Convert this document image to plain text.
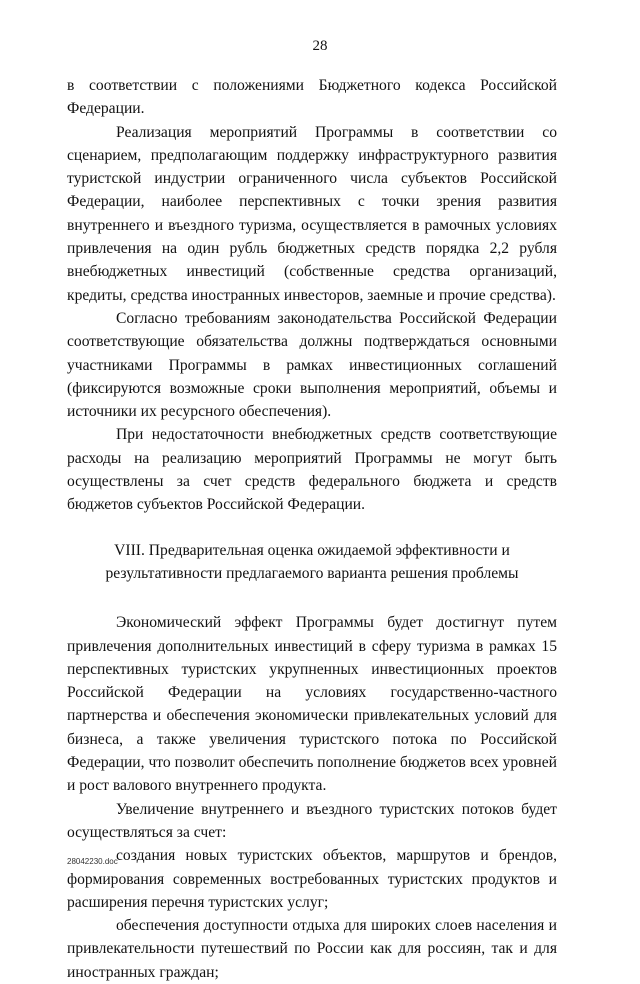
28

в соответствии с положениями Бюджетного кодекса Российской Федерации.

Реализация мероприятий Программы в соответствии со сценарием, предполагающим поддержку инфраструктурного развития туристской индустрии ограниченного числа субъектов Российской Федерации, наиболее перспективных с точки зрения развития внутреннего и въездного туризма, осуществляется в рамочных условиях привлечения на один рубль бюджетных средств порядка 2,2 рубля внебюджетных инвестиций (собственные средства организаций, кредиты, средства иностранных инвесторов, заемные и прочие средства).

Согласно требованиям законодательства Российской Федерации соответствующие обязательства должны подтверждаться основными участниками Программы в рамках инвестиционных соглашений (фиксируются возможные сроки выполнения мероприятий, объемы и источники их ресурсного обеспечения).

При недостаточности внебюджетных средств соответствующие расходы на реализацию мероприятий Программы не могут быть осуществлены за счет средств федерального бюджета и средств бюджетов субъектов Российской Федерации.

VIII. Предварительная оценка ожидаемой эффективности и
результативности предлагаемого варианта решения проблемы

Экономический эффект Программы будет достигнут путем привлечения дополнительных инвестиций в сферу туризма в рамках 15 перспективных туристских укрупненных инвестиционных проектов Российской Федерации на условиях государственно-частного партнерства и обеспечения экономически привлекательных условий для бизнеса, а также увеличения туристского потока по Российской Федерации, что позволит обеспечить пополнение бюджетов всех уровней и рост валового внутреннего продукта.

Увеличение внутреннего и въездного туристских потоков будет осуществляться за счет:

создания новых туристских объектов, маршрутов и брендов, формирования современных востребованных туристских продуктов и расширения перечня туристских услуг;

обеспечения доступности отдыха для широких слоев населения и привлекательности путешествий по России как для россиян, так и для иностранных граждан;

28042230.doc
